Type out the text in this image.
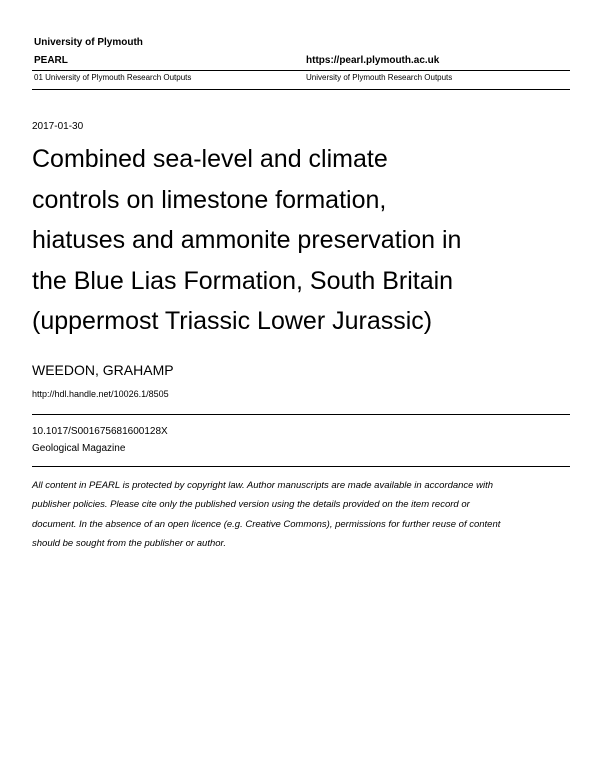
University of Plymouth
PEARL	https://pearl.plymouth.ac.uk
01 University of Plymouth Research Outputs	University of Plymouth Research Outputs
2017-01-30
Combined sea-level and climate
controls on limestone formation,
hiatuses and ammonite preservation in
the Blue Lias Formation, South Britain
(uppermost Triassic Lower Jurassic)
WEEDON, GRAHAMP
http://hdl.handle.net/10026.1/8505
10.1017/S001675681600128X
Geological Magazine
All content in PEARL is protected by copyright law. Author manuscripts are made available in accordance with
publisher policies. Please cite only the published version using the details provided on the item record or
document. In the absence of an open licence (e.g. Creative Commons), permissions for further reuse of content
should be sought from the publisher or author.
